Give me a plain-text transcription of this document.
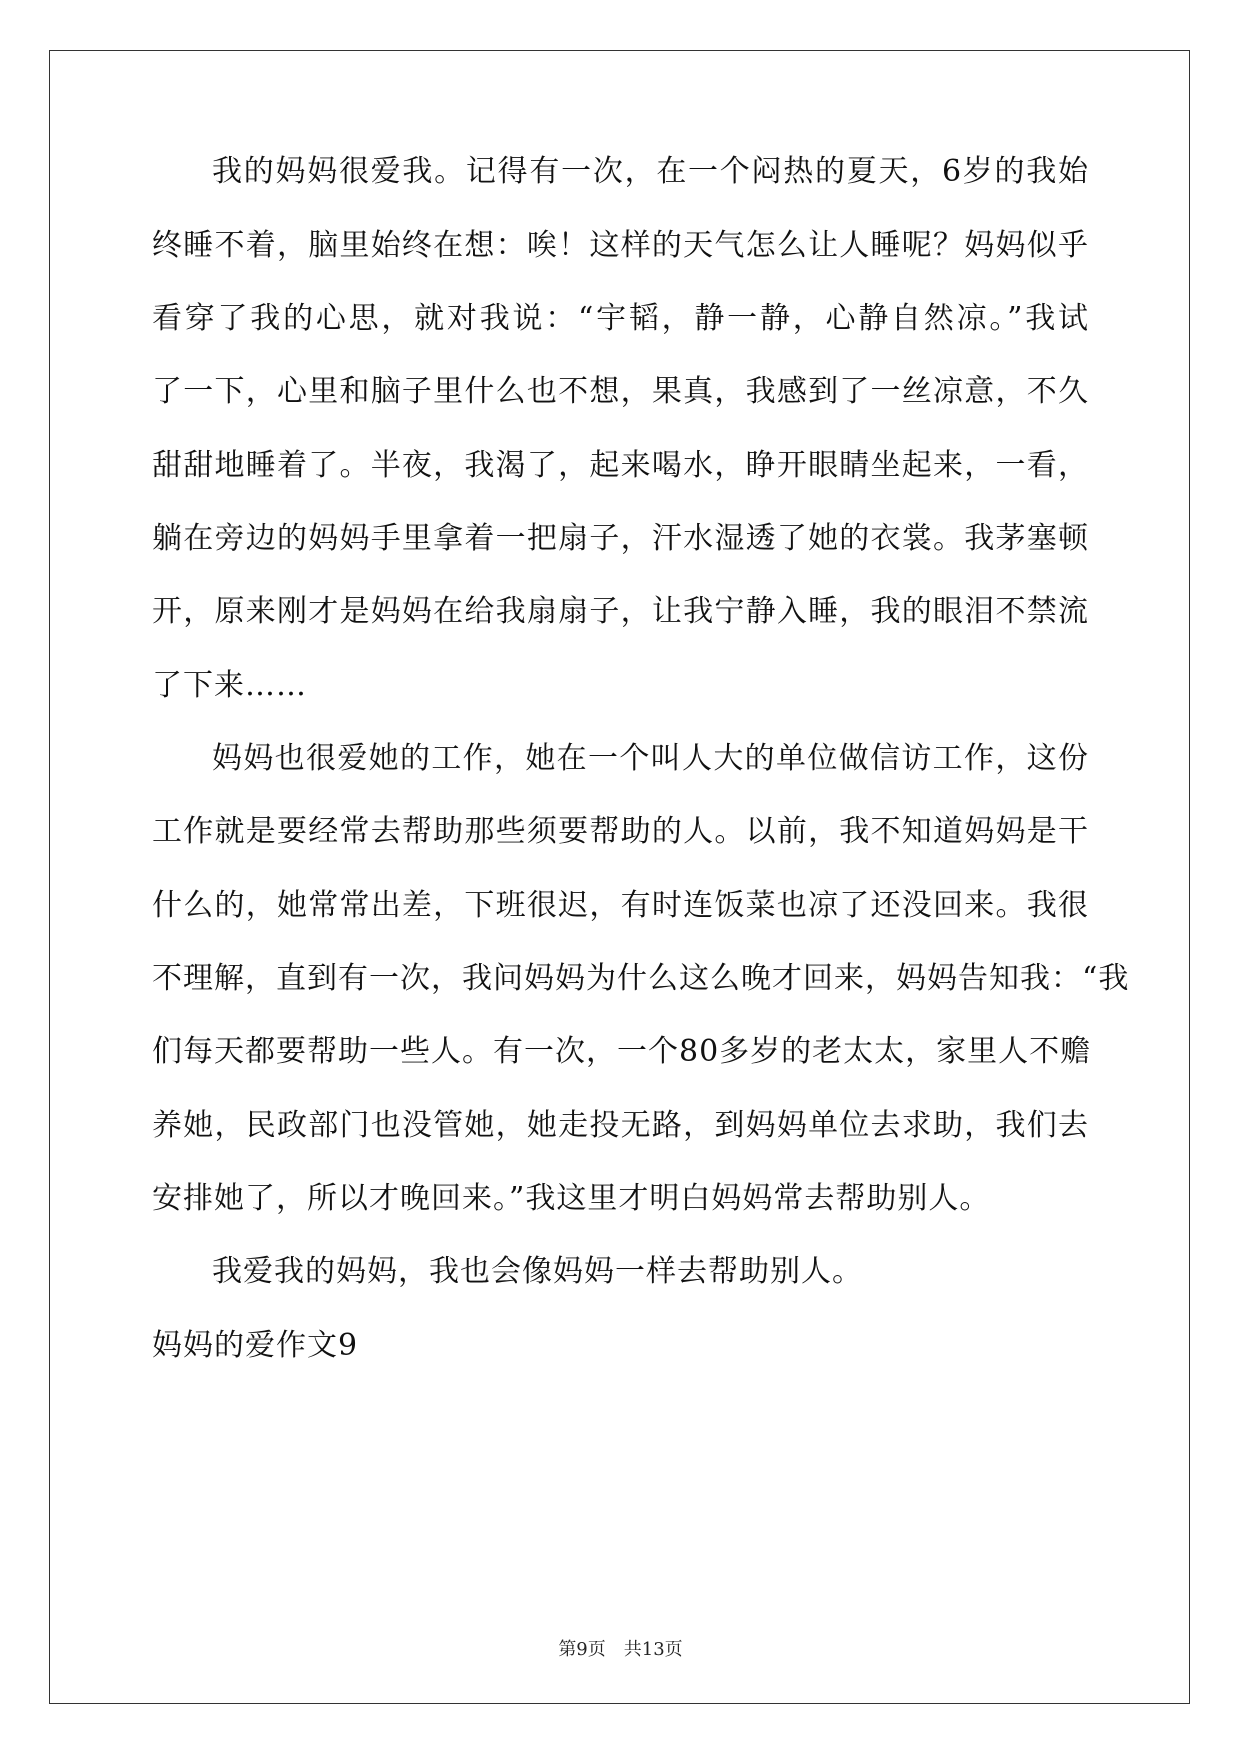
我的妈妈很爱我。记得有一次，在一个闷热的夏天，6岁的我始
终睡不着，脑里始终在想：唉！这样的天气怎么让人睡呢？妈妈似乎
看穿了我的心思，就对我说：“宇韬，静一静，心静自然凉。”我试
了一下，心里和脑子里什么也不想，果真，我感到了一丝凉意，不久
甜甜地睡着了。半夜，我渴了，起来喝水，睁开眼睛坐起来，一看，
躺在旁边的妈妈手里拿着一把扇子，汗水湿透了她的衣裳。我茅塞顿
开，原来刚才是妈妈在给我扇扇子，让我宁静入睡，我的眼泪不禁流
了下来……
妈妈也很爱她的工作，她在一个叫人大的单位做信访工作，这份
工作就是要经常去帮助那些须要帮助的人。以前，我不知道妈妈是干
什么的，她常常出差，下班很迟，有时连饭菜也凉了还没回来。我很
不理解，直到有一次，我问妈妈为什么这么晚才回来，妈妈告知我：“我
们每天都要帮助一些人。有一次，一个80多岁的老太太，家里人不赡
养她，民政部门也没管她，她走投无路，到妈妈单位去求助，我们去
安排她了，所以才晚回来。”我这里才明白妈妈常去帮助别人。
我爱我的妈妈，我也会像妈妈一样去帮助别人。
妈妈的爱作文9
第9页 共13页
